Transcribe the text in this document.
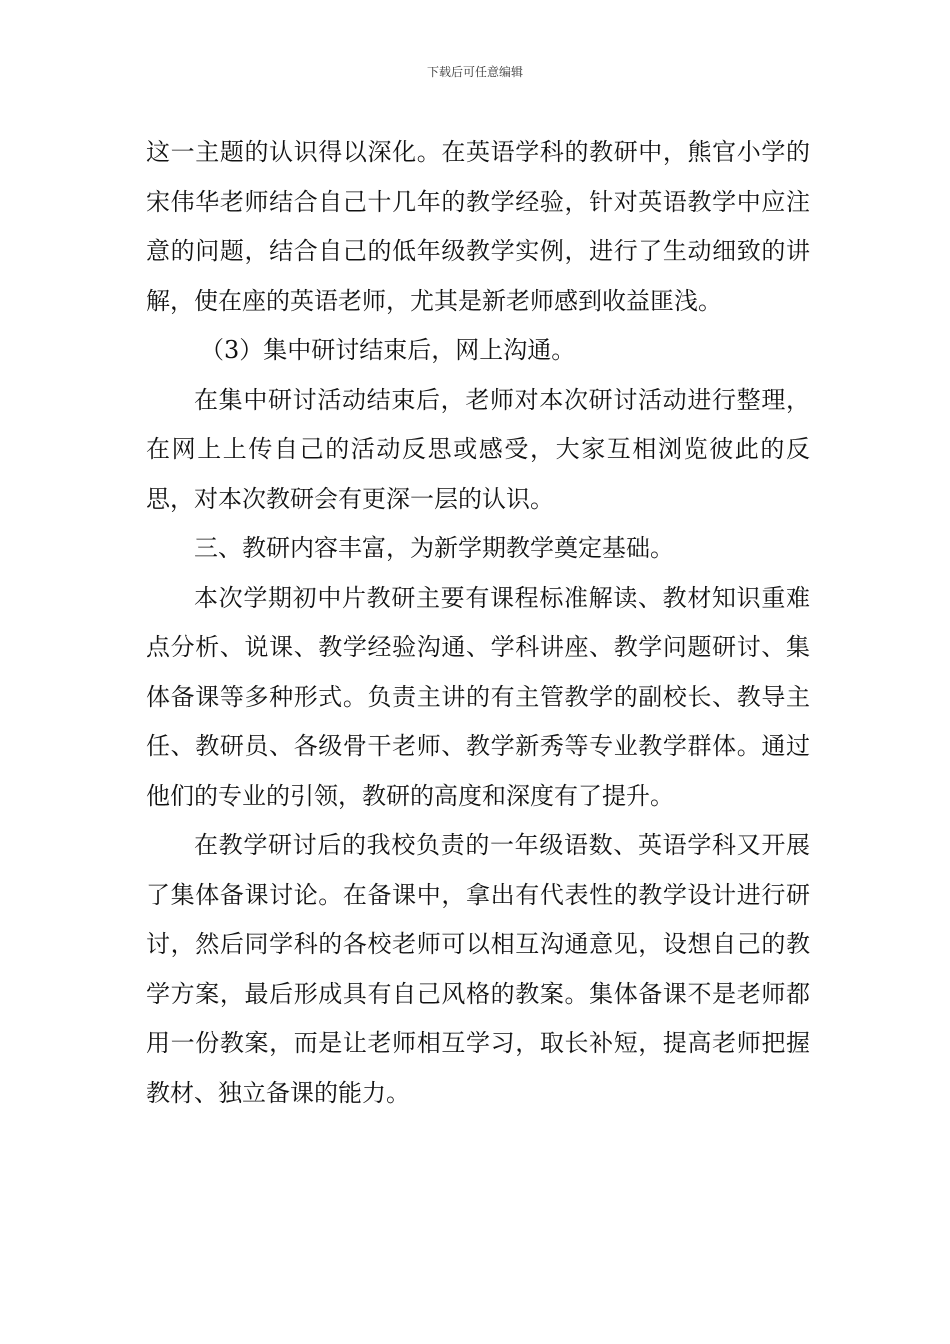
下载后可任意编辑

这一主题的认识得以深化。在英语学科的教研中，熊官小学的宋伟华老师结合自己十几年的教学经验，针对英语教学中应注意的问题，结合自己的低年级教学实例，进行了生动细致的讲解，使在座的英语老师，尤其是新老师感到收益匪浅。

（3）集中研讨结束后，网上沟通。

在集中研讨活动结束后，老师对本次研讨活动进行整理，在网上上传自己的活动反思或感受，大家互相浏览彼此的反思，对本次教研会有更深一层的认识。

三、教研内容丰富，为新学期教学奠定基础。

本次学期初中片教研主要有课程标准解读、教材知识重难点分析、说课、教学经验沟通、学科讲座、教学问题研讨、集体备课等多种形式。负责主讲的有主管教学的副校长、教导主任、教研员、各级骨干老师、教学新秀等专业教学群体。通过他们的专业的引领，教研的高度和深度有了提升。

在教学研讨后的我校负责的一年级语数、英语学科又开展了集体备课讨论。在备课中，拿出有代表性的教学设计进行研讨，然后同学科的各校老师可以相互沟通意见，设想自己的教学方案，最后形成具有自己风格的教案。集体备课不是老师都用一份教案，而是让老师相互学习，取长补短，提高老师把握教材、独立备课的能力。
